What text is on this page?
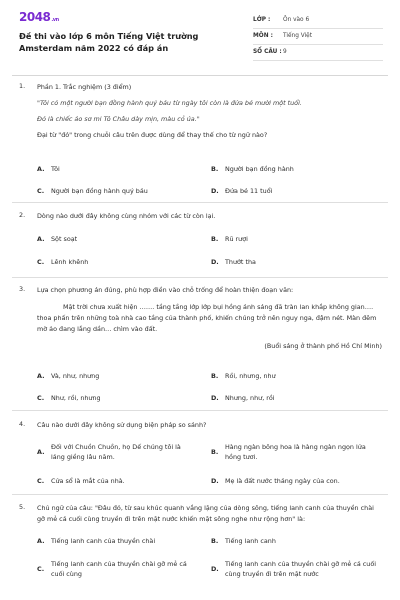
2048.vn
Đề thi vào lớp 6 môn Tiếng Việt trường Amsterdam năm 2022 có đáp án
LỚP : Ôn vào 6
MÔN : Tiếng Việt
SỐ CÂU : 9
1. Phần 1. Trắc nghiệm (3 điểm)

"Tôi có một người bạn đồng hành quý báu từ ngày tôi còn là đứa bé mười một tuổi.

Đó là chiếc áo sơ mi Tô Châu dày mịn, màu cỏ úa."

Đại từ "đó" trong chuỗi câu trên được dùng để thay thế cho từ ngữ nào?

A. Tôi	B. Người bạn đồng hành
C. Người bạn đồng hành quý báu	D. Đứa bé 11 tuổi
2. Dòng nào dưới đây không cùng nhóm với các từ còn lại.
A. Sột soạt	B. Rũ rượi
C. Lênh khênh	D. Thướt tha
3. Lựa chọn phương án đúng, phù hợp điền vào chỗ trống để hoàn thiện đoạn văn:

Mặt trời chưa xuất hiện ……. tầng tầng lớp lớp bụi hồng ánh sáng đã tràn lan khắp không gian…. thoa phấn trên những toà nhà cao tầng của thành phố, khiến chúng trở nên nguy nga, đậm nét. Màn đêm mờ ảo đang lắng dần… chìm vào đất.

(Buổi sáng ở thành phố Hồ Chí Minh)

A. Và, như, nhưng	B. Rồi, nhưng, như
C. Như, rồi, nhưng	D. Nhưng, như, rồi
4. Câu nào dưới đây không sử dụng biện pháp so sánh?
A.
Đối với Chuồn Chuồn, họ Dế chúng tôi là láng giềng lâu năm.
B.
Hàng ngàn bông hoa là hàng ngàn ngọn lửa hồng tươi.
C. Cửa sổ là mắt của nhà.	D. Mẹ là đất nước tháng ngày của con.
5. Chủ ngữ của câu: "Đâu đó, từ sau khúc quanh vắng lặng của dòng sông, tiếng lanh canh của thuyền chài gỡ mẻ cá cuối cùng truyền đi trên mặt nước khiến mặt sông nghe như rộng hơn" là:
A. Tiếng lanh canh của thuyền chài	B. Tiếng lanh canh
C.
Tiếng lanh canh của thuyền chài gỡ mẻ cá cuối cùng
D.
Tiếng lanh canh của thuyền chài gỡ mẻ cá cuối cùng truyền đi trên mặt nước
